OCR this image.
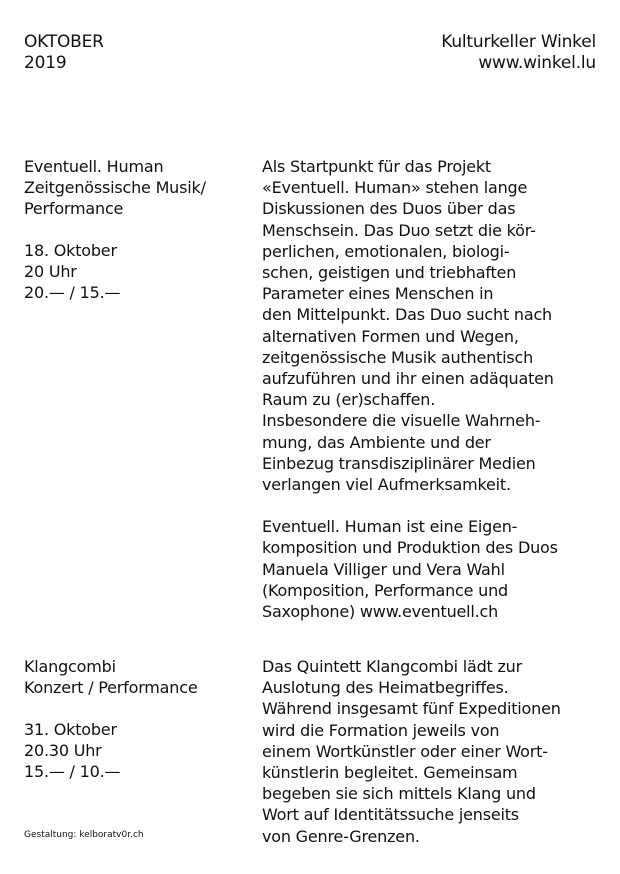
OKTOBER
2019
Kulturkeller Winkel
www.winkel.lu
Eventuell. Human
Zeitgenössische Musik/
Performance
18. Oktober
20 Uhr
20.— / 15.—
Als Startpunkt für das Projekt
«Eventuell. Human» stehen lange
Diskussionen des Duos über das
Menschsein. Das Duo setzt die kör-
perlichen, emotionalen, biologi-
schen, geistigen und triebhaften
Parameter eines Menschen in
den Mittelpunkt. Das Duo sucht nach
alternativen Formen und Wegen,
zeitgenössische Musik authentisch
aufzuführen und ihr einen adäquaten
Raum zu (er)schaffen.
Insbesondere die visuelle Wahrneh-
mung, das Ambiente und der
Einbezug transdisziplinärer Medien
verlangen viel Aufmerksamkeit.
Eventuell. Human ist eine Eigen-
komposition und Produktion des Duos
Manuela Villiger und Vera Wahl
(Komposition, Performance und
Saxophone) www.eventuell.ch
Klangcombi
Konzert / Performance
31. Oktober
20.30 Uhr
15.— / 10.—
Das Quintett Klangcombi lädt zur
Auslotung des Heimatbegriffes.
Während insgesamt fünf Expeditionen
wird die Formation jeweils von
einem Wortkünstler oder einer Wort-
künstlerin begleitet. Gemeinsam
begeben sie sich mittels Klang und
Wort auf Identitätssuche jenseits
von Genre-Grenzen.
Gestaltung: kelboratv0r.ch
